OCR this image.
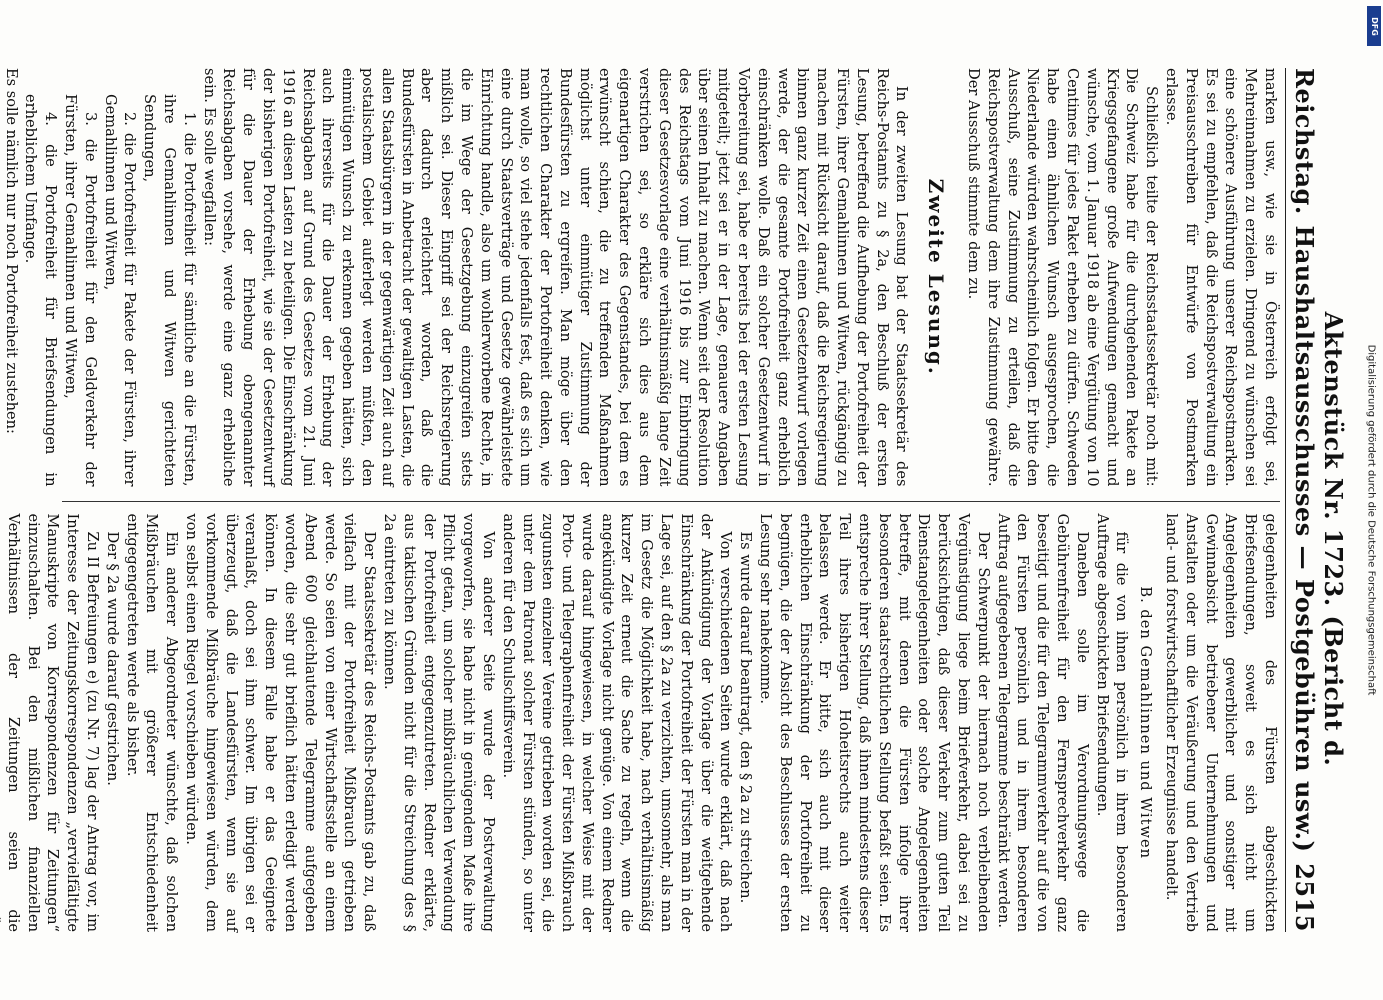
Reichstag.
Aktenstück Nr. 1723. (Bericht d. Haushaltsausschusses — Postgebühren usw.)
2515

marken usw., wie sie in Österreich erfolgt sei, Mehreinnahmen zu erzielen. Dringend zu wünschen sei eine schönere Ausführung unserer Reichspostmarken. Es sei zu empfehlen, daß die Reichspostverwaltung ein Preisausschreiben für Entwürfe von Postmarken erlasse.

Schließlich teilte der Reichsstaatssekretär noch mit: Die Schweiz habe für die durchgehenden Pakete an Kriegsgefangene große Aufwendungen gemacht und wünsche, vom 1. Januar 1918 ab eine Vergütung von 10 Centimes für jedes Paket erheben zu dürfen. Schweden habe einen ähnlichen Wunsch ausgesprochen, die Niederlande würden wahrscheinlich folgen. Er bitte den Ausschuß, seine Zustimmung zu erteilen, daß die Reichspostverwaltung dem ihre Zustimmung gewähre. Der Ausschuß stimmte dem zu.

Zweite Lesung.

In der zweiten Lesung bat der Staatssekretär des Reichs-Postamts zu § 2a, den Beschluß der ersten Lesung, betreffend die Aufhebung der Portofreiheit der Fürsten, ihrer Gemahlinnen und Witwen, rückgängig zu machen mit Rücksicht darauf, daß die Reichsregierung binnen ganz kurzer Zeit einen Gesetzentwurf vorlegen werde, der die gesamte Portofreiheit ganz erheblich einschränken wolle. Daß ein solcher Gesetzentwurf in Vorbereitung sei, habe er bereits bei der ersten Lesung mitgeteilt; jetzt sei er in der Lage, genauere Angaben über seinen Inhalt zu machen. Wenn seit der Resolution des Reichstags vom Juni 1916 bis zur Einbringung dieser Gesetzesvorlage eine verhältnismäßig lange Zeit verstrichen sei, so erkläre sich dies aus dem eigenartigen Charakter des Gegenstandes, bei dem es erwünscht schien, die zu treffenden Maßnahmen möglichst unter einmütiger Zustimmung der Bundesfürsten zu ergreifen. Man möge über den rechtlichen Charakter der Portofreiheit denken, wie man wolle, so viel stehe jedenfalls fest, daß es sich um eine durch Staatsverträge und Gesetze gewährleistete Einrichtung handle, also um wohlerworbene Rechte, in die im Wege der Gesetzgebung einzugreifen stets mißlich sei. Dieser Eingriff sei der Reichsregierung aber dadurch erleichtert worden, daß die Bundesfürsten in Anbetracht der gewaltigen Lasten, die allen Staatsbürgern in der gegenwärtigen Zeit auch auf postalischem Gebiet auferlegt werden müßten, den einmütigen Wunsch zu erkennen gegeben hätten, sich auch ihrerseits für die Dauer der Erhebung der Reichsabgaben auf Grund des Gesetzes vom 21. Juni 1916 an diesen Lasten zu beteiligen. Die Einschränkung der bisherigen Portofreiheit, wie sie der Gesetzentwurf für die Dauer der Erhebung obengenannter Reichsabgaben vorsehe, werde eine ganz erhebliche sein. Es solle wegfallen:

1. die Portofreiheit für sämtliche an die Fürsten, ihre Gemahlinnen und Witwen gerichteten Sendungen,

2. die Portofreiheit für Pakete der Fürsten, ihrer Gemahlinnen und Witwen,

3. die Portofreiheit für den Geldverkehr der Fürsten, ihrer Gemahlinnen und Witwen,

4. die Portofreiheit für Briefsendungen in erheblichem Umfange.

Es solle nämlich nur noch Portofreiheit zustehen:

gelegenheiten des Fürsten abgeschickten Briefsendungen, soweit es sich nicht um Angelegenheiten gewerblicher und sonstiger mit Gewinnabsicht betriebener Unternehmungen und Anstalten oder um die Veräußerung und den Vertrieb land- und forstwirtschaftlicher Erzeugnisse handelt.

B. den Gemahlinnen und Witwen

für die von ihnen persönlich in ihrem besonderen Auftrage abgeschickten Briefsendungen.

Daneben solle im Verordnungswege die Gebührenfreiheit für den Fernsprechverkehr ganz beseitigt und die für den Telegrammverkehr auf die von den Fürsten persönlich und in ihrem besonderen Auftrag aufgegebenen Telegramme beschränkt werden.

Der Schwerpunkt der hiernach noch verbleibenden Vergünstigung liege beim Briefverkehr, dabei sei zu berücksichtigen, daß dieser Verkehr zum guten Teil Dienstangelegenheiten oder solche Angelegenheiten betreffe, mit denen die Fürsten infolge ihrer besonderen staatsrechtlichen Stellung befaßt seien. Es entspreche ihrer Stellung, daß ihnen mindestens dieser Teil ihres bisherigen Hoheitsrechts auch weiter belassen werde. Er bitte, sich auch mit dieser erheblichen Einschränkung der Portofreiheit zu begnügen, die der Absicht des Beschlusses der ersten Lesung sehr nahekomme.

Es wurde darauf beantragt, den § 2a zu streichen.

Von verschiedenen Seiten wurde erklärt, daß nach der Ankündigung der Vorlage über die weitgehende Einschränkung der Portofreiheit der Fürsten man in der Lage sei, auf den § 2a zu verzichten, umsomehr, als man im Gesetz die Möglichkeit habe, nach verhältnismäßig kurzer Zeit erneut die Sache zu regeln, wenn die angekündigte Vorlage nicht genüge. Von einem Redner wurde darauf hingewiesen, in welcher Weise mit der Porto- und Telegraphenfreiheit der Fürsten Mißbrauch zugunsten einzelner Vereine getrieben worden sei, die unter dem Patronat solcher Fürsten stünden, so unter anderen für den Schulschiffsverein.

Von anderer Seite wurde der Postverwaltung vorgeworfen, sie habe nicht in genügendem Maße ihre Pflicht getan, um solcher mißbräuchlichen Verwendung der Portofreiheit entgegenzutreten. Redner erklärte, aus taktischen Gründen nicht für die Streichung des § 2a eintreten zu können.

Der Staatssekretär des Reichs-Postamts gab zu, daß vielfach mit der Portofreiheit Mißbrauch getrieben werde. So seien von einer Wirtschaftsstelle an einem Abend 600 gleichlautende Telegramme aufgegeben worden, die sehr gut brieflich hätten erledigt werden können. In diesem Falle habe er das Geeignete veranlaßt, doch sei ihm schwer. Im übrigen sei er überzeugt, daß die Landesfürsten, wenn sie auf vorkommende Mißbräuche hingewiesen würden, dem von selbst einen Riegel vorschieben würden.

Ein anderer Abgeordneter wünschte, daß solchen Mißbräuchen mit größerer Entschiedenheit entgegengetreten werde als bisher.

Der § 2a wurde darauf gestrichen.

Zu II Befreiungen e) (zu Nr. 7) lag der Antrag vor, im Interesse der Zeitungskorrespondenzen „vervielfältigte Manuskripte von Korrespondenzen für Zeitungen“ einzuschalten. Bei den mißlichen finanziellen Verhältnissen der Zeitungen seien die

DFG
Digitalisierung gefördert durch die Deutsche Forschungsgemeinschaft
